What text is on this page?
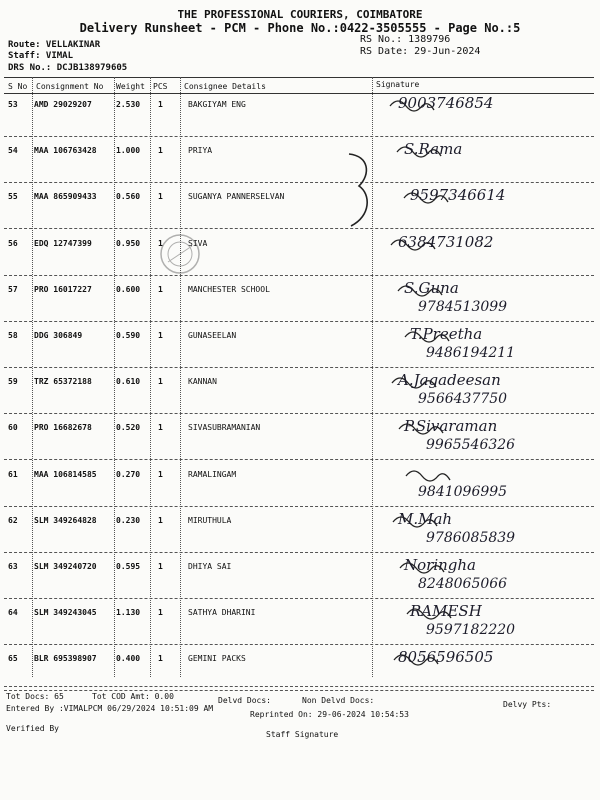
THE PROFESSIONAL COURIERS, COIMBATORE
Delivery Runsheet - PCM - Phone No.:0422-3505555 - Page No.:5
Route: VELLAKINAR
Staff: VIMAL
DRS No.: DCJB138979605
RS No.: 1389796
RS Date: 29-Jun-2024
S No Consignment No Weight PCS Consignee Details	Signature
53 AMD 29029207	2.530 1	BAKGIYAM ENG	9003746854
54 MAA 106763428 1.000 1	PRIYA	S.Rama
55 MAA 865909433 0.560 1	SUGANYA PANNERSELVAN	9597346614
56 EDQ 12747399	0.950 1	SIVA	6384731082
57 PRO 16017227	0.600 1	MANCHESTER SCHOOL	S.Guna
9784513099
58 DDG 306849	0.590 1	GUNASEELAN	T.Preetha
9486194211
59 TRZ 65372188	0.610 1	KANNAN	A.Jagadeesan
9566437750
60 PRO 16682678	0.520 1	SIVASUBRAMANIAN	P.Sivaraman
9965546326
61 MAA 106814585 0.270 1	RAMALINGAM
9841096995
62 SLM 349264828 0.230 1	MIRUTHULA	M.Mah
9786085839
63 SLM 349240720 0.595 1	DHIYA SAI	Noringha
8248065066
64 SLM 349243045 1.130 1	SATHYA DHARINI	RAMESH
9597182220
65 BLR 695398907 0.400 1	GEMINI PACKS	8056596505
Tot Docs: 65	Tot COD Amt: 0.00	Delvd Docs:	Non Delvd Docs:	Delvy Pts:
Entered By :VIMALPCM 06/29/2024 10:51:09 AM
Reprinted On: 29-06-2024 10:54:53
Verified By
Staff Signature
